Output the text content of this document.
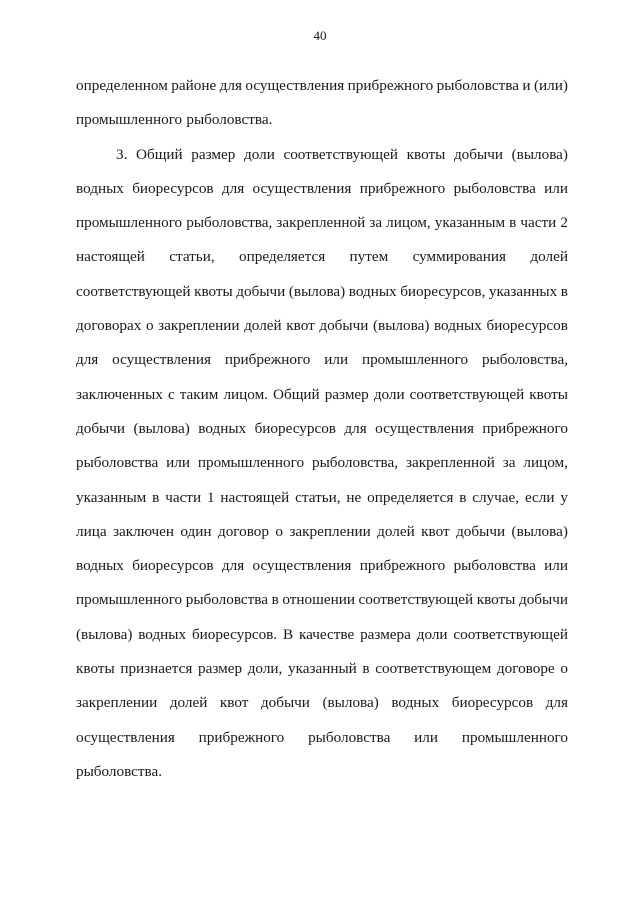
40
определенном районе для осуществления прибрежного рыболовства и (или)
промышленного рыболовства.
3. Общий размер доли соответствующей квоты добычи (вылова)
водных биоресурсов для осуществления прибрежного рыболовства или
промышленного рыболовства, закрепленной за лицом, указанным в части 2
настоящей статьи, определяется путем суммирования долей
соответствующей квоты добычи (вылова) водных биоресурсов, указанных в
договорах о закреплении долей квот добычи (вылова) водных биоресурсов
для осуществления прибрежного или промышленного рыболовства,
заключенных с таким лицом. Общий размер доли соответствующей квоты
добычи (вылова) водных биоресурсов для осуществления прибрежного
рыболовства или промышленного рыболовства, закрепленной за лицом,
указанным в части 1 настоящей статьи, не определяется в случае, если у
лица заключен один договор о закреплении долей квот добычи (вылова)
водных биоресурсов для осуществления прибрежного рыболовства или
промышленного рыболовства в отношении соответствующей квоты добычи
(вылова) водных биоресурсов. В качестве размера доли соответствующей
квоты признается размер доли, указанный в соответствующем договоре о
закреплении долей квот добычи (вылова) водных биоресурсов для
осуществления прибрежного рыболовства или промышленного
рыболовства.
